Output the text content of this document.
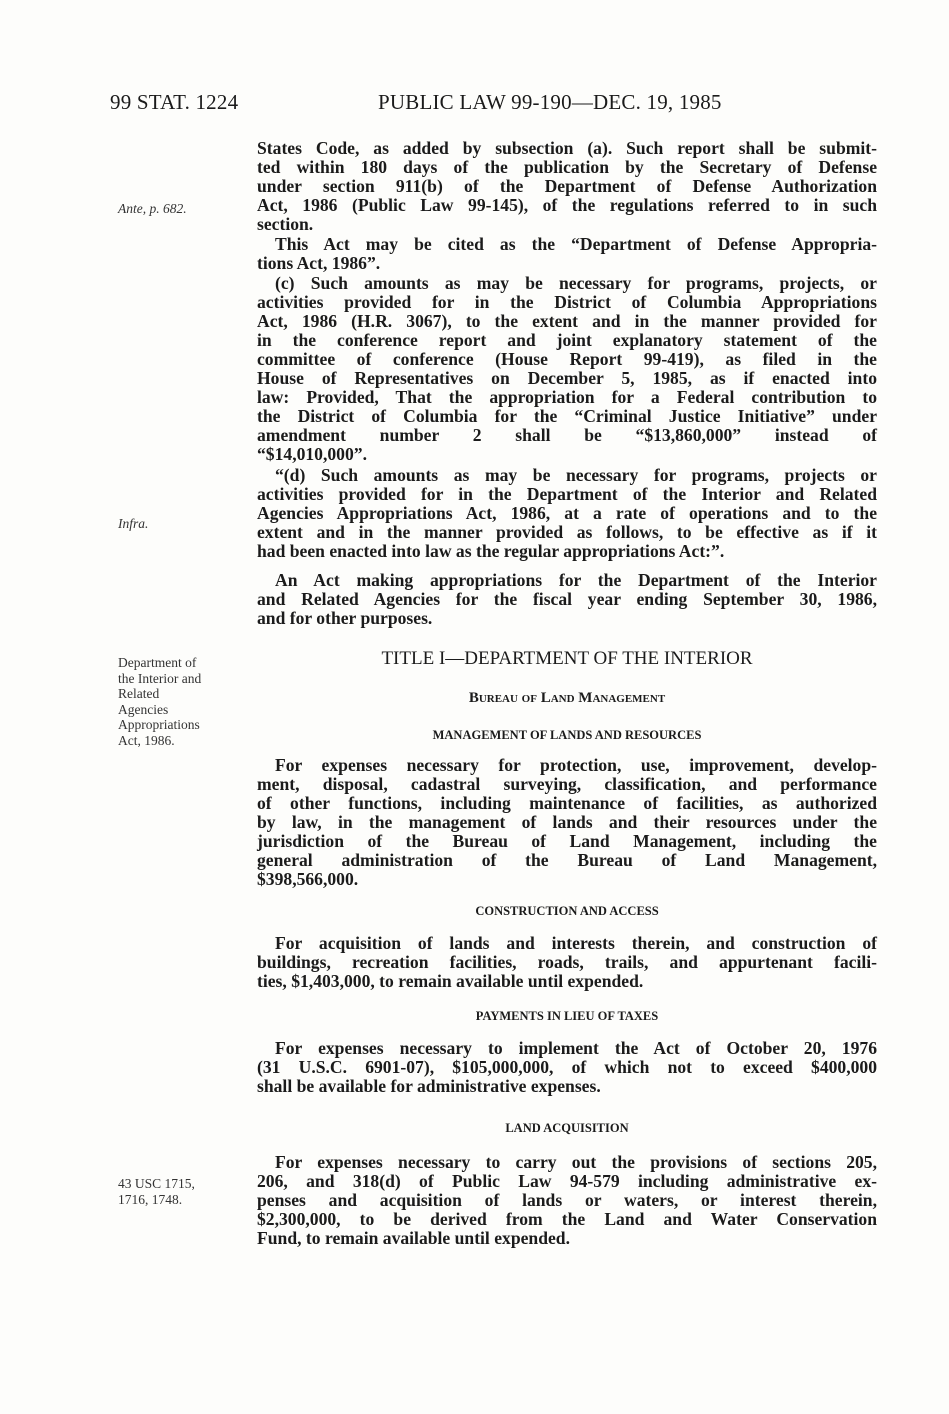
99 STAT. 1224	PUBLIC LAW 99-190—DEC. 19, 1985
Ante, p. 682.
Infra.
Department of
the Interior and
Related
Agencies
Appropriations
Act, 1986.
43 USC 1715,
1716, 1748.
States Code, as added by subsection (a). Such report shall be submit-
ted within 180 days of the publication by the Secretary of Defense
under section 911(b) of the Department of Defense Authorization
Act, 1986 (Public Law 99-145), of the regulations referred to in such
section.
This Act may be cited as the “Department of Defense Appropria-
tions Act, 1986”.
(c) Such amounts as may be necessary for programs, projects, or
activities provided for in the District of Columbia Appropriations
Act, 1986 (H.R. 3067), to the extent and in the manner provided for
in the conference report and joint explanatory statement of the
committee of conference (House Report 99-419), as filed in the
House of Representatives on December 5, 1985, as if enacted into
law: Provided, That the appropriation for a Federal contribution to
the District of Columbia for the “Criminal Justice Initiative” under
amendment number 2 shall be “$13,860,000” instead of
“$14,010,000”.
“(d) Such amounts as may be necessary for programs, projects or
activities provided for in the Department of the Interior and Related
Agencies Appropriations Act, 1986, at a rate of operations and to the
extent and in the manner provided as follows, to be effective as if it
had been enacted into law as the regular appropriations Act:”.
An Act making appropriations for the Department of the Interior
and Related Agencies for the fiscal year ending September 30, 1986,
and for other purposes.
TITLE I—DEPARTMENT OF THE INTERIOR
Bureau of Land Management
MANAGEMENT OF LANDS AND RESOURCES
For expenses necessary for protection, use, improvement, develop-
ment, disposal, cadastral surveying, classification, and performance
of other functions, including maintenance of facilities, as authorized
by law, in the management of lands and their resources under the
jurisdiction of the Bureau of Land Management, including the
general administration of the Bureau of Land Management,
$398,566,000.
CONSTRUCTION AND ACCESS
For acquisition of lands and interests therein, and construction of
buildings, recreation facilities, roads, trails, and appurtenant facili-
ties, $1,403,000, to remain available until expended.
PAYMENTS IN LIEU OF TAXES
For expenses necessary to implement the Act of October 20, 1976
(31 U.S.C. 6901-07), $105,000,000, of which not to exceed $400,000
shall be available for administrative expenses.
LAND ACQUISITION
For expenses necessary to carry out the provisions of sections 205,
206, and 318(d) of Public Law 94-579 including administrative ex-
penses and acquisition of lands or waters, or interest therein,
$2,300,000, to be derived from the Land and Water Conservation
Fund, to remain available until expended.
